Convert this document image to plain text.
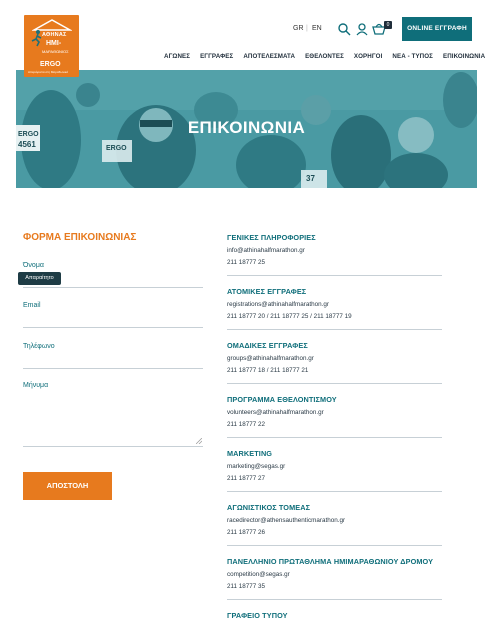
ΑΘΗΝΑΣ
ΗΜΙ-
ΜΑΡΑΘΩΝΙΟΣ
ERGO
Απεριόριστα στη Μαραθωνικά
GR | EN	0	ONLINE ΕΓΓΡΑΦΗ
ΑΓΩΝΕΣ ΕΓΓΡΑΦΕΣ ΑΠΟΤΕΛΕΣΜΑΤΑ ΕΘΕΛΟΝΤΕΣ ΧΟΡΗΓΟΙ ΝΕΑ - ΤΥΠΟΣ ΕΠΙΚΟΙΝΩΝΙΑ
ERGO
4561	ERGO
37
ΕΠΙΚΟΙΝΩΝΙΑ
ΦΟΡΜΑ ΕΠΙΚΟΙΝΩΝΙΑΣ
Όνομα
Απαραίτητο
Email
Τηλέφωνο
Μήνυμα
ΑΠΟΣΤΟΛΗ
ΓΕΝΙΚΕΣ ΠΛΗΡΟΦΟΡΙΕΣ
info@athinahalfmarathon.gr
211 18777 25
ΑΤΟΜΙΚΕΣ ΕΓΓΡΑΦΕΣ
registrations@athinahalfmarathon.gr
211 18777 20 / 211 18777 25 / 211 18777 19
ΟΜΑΔΙΚΕΣ ΕΓΓΡΑΦΕΣ
groups@athinahalfmarathon.gr
211 18777 18 / 211 18777 21
ΠΡΟΓΡΑΜΜΑ ΕΘΕΛΟΝΤΙΣΜΟΥ
volunteers@athinahalfmarathon.gr
211 18777 22
MARKETING
marketing@segas.gr
211 18777 27
ΑΓΩΝΙΣΤΙΚΟΣ ΤΟΜΕΑΣ
racedirector@athensauthenticmarathon.gr
211 18777 26
ΠΑΝΕΛΛΗΝΙΟ ΠΡΩΤΑΘΛΗΜΑ ΗΜΙΜΑΡΑΘΩΝΙΟΥ ΔΡΟΜΟΥ
competition@segas.gr
211 18777 35
ΓΡΑΦΕΙΟ ΤΥΠΟΥ
